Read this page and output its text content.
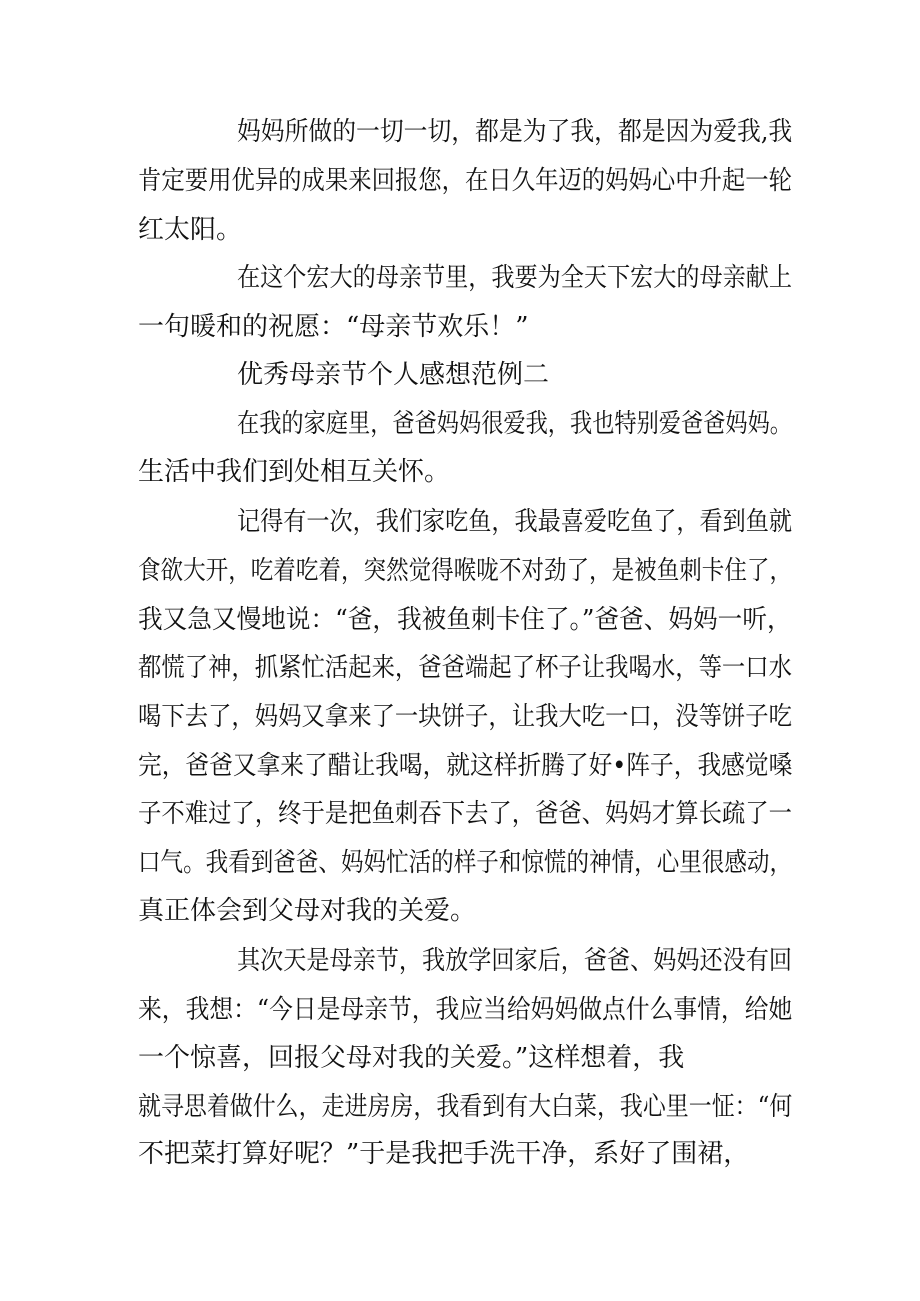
妈妈所做的一切一切，都是为了我，都是因为爱我,我
肯定要用优异的成果来回报您，在日久年迈的妈妈心中升起一轮
红太阳。
在这个宏大的母亲节里，我要为全天下宏大的母亲献上
一句暖和的祝愿：“母亲节欢乐！”
优秀母亲节个人感想范例二
在我的家庭里，爸爸妈妈很爱我，我也特别爱爸爸妈妈。
生活中我们到处相互关怀。
记得有一次，我们家吃鱼，我最喜爱吃鱼了，看到鱼就
食欲大开，吃着吃着，突然觉得喉咙不对劲了，是被鱼刺卡住了，
我又急又慢地说：“爸，我被鱼刺卡住了。”爸爸、妈妈一听，
都慌了神，抓紧忙活起来，爸爸端起了杯子让我喝水，等一口水
喝下去了，妈妈又拿来了一块饼子，让我大吃一口，没等饼子吃
完，爸爸又拿来了醋让我喝，就这样折腾了好•阵子，我感觉嗓
子不难过了，终于是把鱼刺吞下去了，爸爸、妈妈才算长疏了一
口气。我看到爸爸、妈妈忙活的样子和惊慌的神情，心里很感动，
真正体会到父母对我的关爱。
其次天是母亲节，我放学回家后，爸爸、妈妈还没有回
来，我想：“今日是母亲节，我应当给妈妈做点什么事情，给她
一个惊喜，回报父母对我的关爱。”这样想着，我
就寻思着做什么，走进房房，我看到有大白菜，我心里一怔：“何
不把菜打算好呢？”于是我把手洗干净，系好了围裙，
